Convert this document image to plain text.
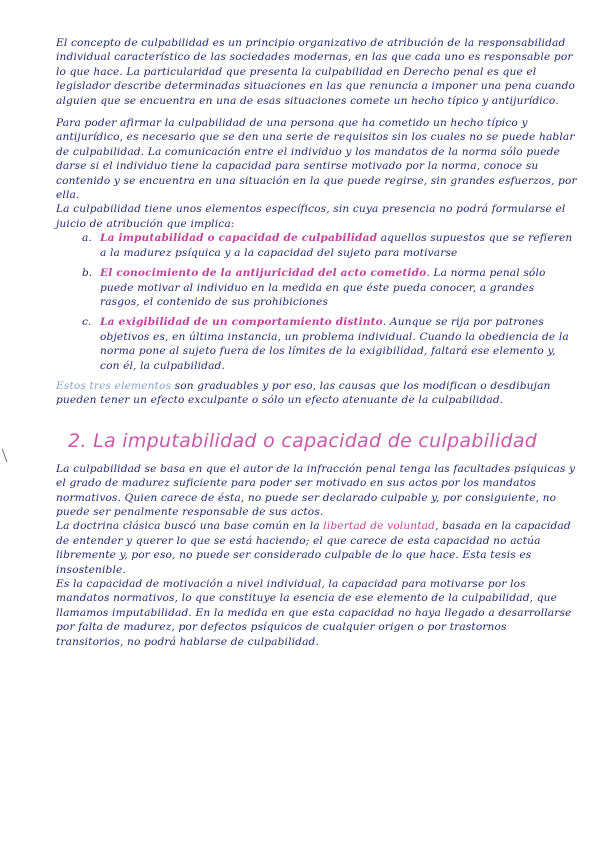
El concepto de culpabilidad es un principio organizativo de atribución de la responsabilidad individual característico de las sociedades modernas, en las que cada uno es responsable por lo que hace. La particularidad que presenta la culpabilidad en Derecho penal es que el legislador describe determinadas situaciones en las que renuncia a imponer una pena cuando alguien que se encuentra en una de esas situaciones comete un hecho típico y antijurídico.

Para poder afirmar la culpabilidad de una persona que ha cometido un hecho típico y antijurídico, es necesario que se den una serie de requisitos sin los cuales no se puede hablar de culpabilidad. La comunicación entre el individuo y los mandatos de la norma sólo puede darse si el individuo tiene la capacidad para sentirse motivado por la norma, conoce su contenido y se encuentra en una situación en la que puede regirse, sin grandes esfuerzos, por ella.

La culpabilidad tiene unos elementos específicos, sin cuya presencia no podrá formularse el juicio de atribución que implica:

a. La imputabilidad o capacidad de culpabilidad aquellos supuestos que se refieren a la madurez psíquica y a la capacidad del sujeto para motivarse

b. El conocimiento de la antijuricidad del acto cometido. La norma penal sólo puede motivar al individuo en la medida en que éste pueda conocer, a grandes rasgos, el contenido de sus prohibiciones

c. La exigibilidad de un comportamiento distinto. Aunque se rija por patrones objetivos es, en última instancia, un problema individual. Cuando la obediencia de la norma pone al sujeto fuera de los límites de la exigibilidad, faltará ese elemento y, con él, la culpabilidad.

Estos tres elementos son graduables y por eso, las causas que los modifican o desdibujan pueden tener un efecto exculpante o sólo un efecto atenuante de la culpabilidad.

2. La imputabilidad o capacidad de culpabilidad

La culpabilidad se basa en que el autor de la infracción penal tenga las facultades psíquicas y el grado de madurez suficiente para poder ser motivado en sus actos por los mandatos normativos. Quien carece de ésta, no puede ser declarado culpable y, por consiguiente, no puede ser penalmente responsable de sus actos.

La doctrina clásica buscó una base común en la libertad de voluntad, basada en la capacidad de entender y querer lo que se está haciendo; el que carece de esta capacidad no actúa libremente y, por eso, no puede ser considerado culpable de lo que hace. Esta tesis es insostenible.

Es la capacidad de motivación a nivel individual, la capacidad para motivarse por los mandatos normativos, lo que constituye la esencia de ese elemento de la culpabilidad, que llamamos imputabilidad. En la medida en que esta capacidad no haya llegado a desarrollarse por falta de madurez, por defectos psíquicos de cualquier origen o por trastornos transitorios, no podrá hablarse de culpabilidad.
